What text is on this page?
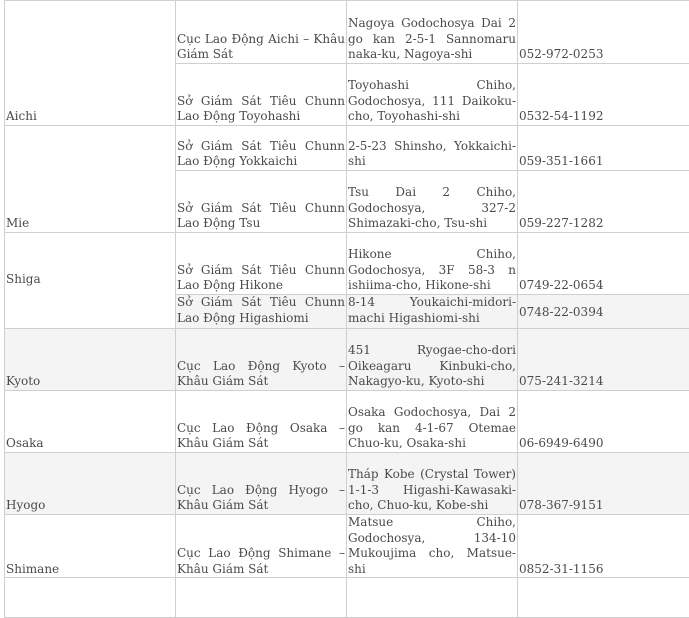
Aichi	Cục Lao Động Aichi – Khâu Giám Sát	Nagoya Godochosya Dai 2 go kan 2-5-1 Sannomaru naka-ku, Nagoya-shi	052-972-0253
	Sở Giám Sát Tiêu Chunn Lao Động Toyohashi	Toyohashi Chiho, Godochosya, 111 Daikoku-cho, Toyohashi-shi	0532-54-1192
Mie	Sở Giám Sát Tiêu Chunn Lao Động Yokkaichi	2-5-23 Shinsho, Yokkaichi-shi	059-351-1661
	Sở Giám Sát Tiêu Chunn Lao Động Tsu	Tsu Dai 2 Chiho, Godochosya, 327-2 Shimazaki-cho, Tsu-shi	059-227-1282
Shiga	Sở Giám Sát Tiêu Chunn Lao Động Hikone	Hikone Chiho, Godochosya, 3F 58-3 n ishiima-cho, Hikone-shi	0749-22-0654

	Sở Giám Sát Tiêu Chunn Lao Động Higashiomi	8-14 Youkaichi-midori-machi Higashiomi-shi	0748-22-0394
Kyoto	Cục Lao Động Kyoto – Khâu Giám Sát	451 Ryogae-cho-dori Oikeagaru Kinbuki-cho, Nakagyo-ku, Kyoto-shi	075-241-3214
Osaka	Cục Lao Động Osaka – Khâu Giám Sát	Osaka Godochosya, Dai 2 go kan 4-1-67 Otemae Chuo-ku, Osaka-shi	06-6949-6490
Hyogo	Cục Lao Động Hyogo – Khâu Giám Sát	Tháp Kobe (Crystal Tower) 1-1-3 Higashi-Kawasaki-cho, Chuo-ku, Kobe-shi	078-367-9151
Shimane	Cục Lao Động Shimane – Khâu Giám Sát	Matsue Chiho, Godochosya, 134-10 Mukoujima cho, Matsue-shi	0852-31-1156
